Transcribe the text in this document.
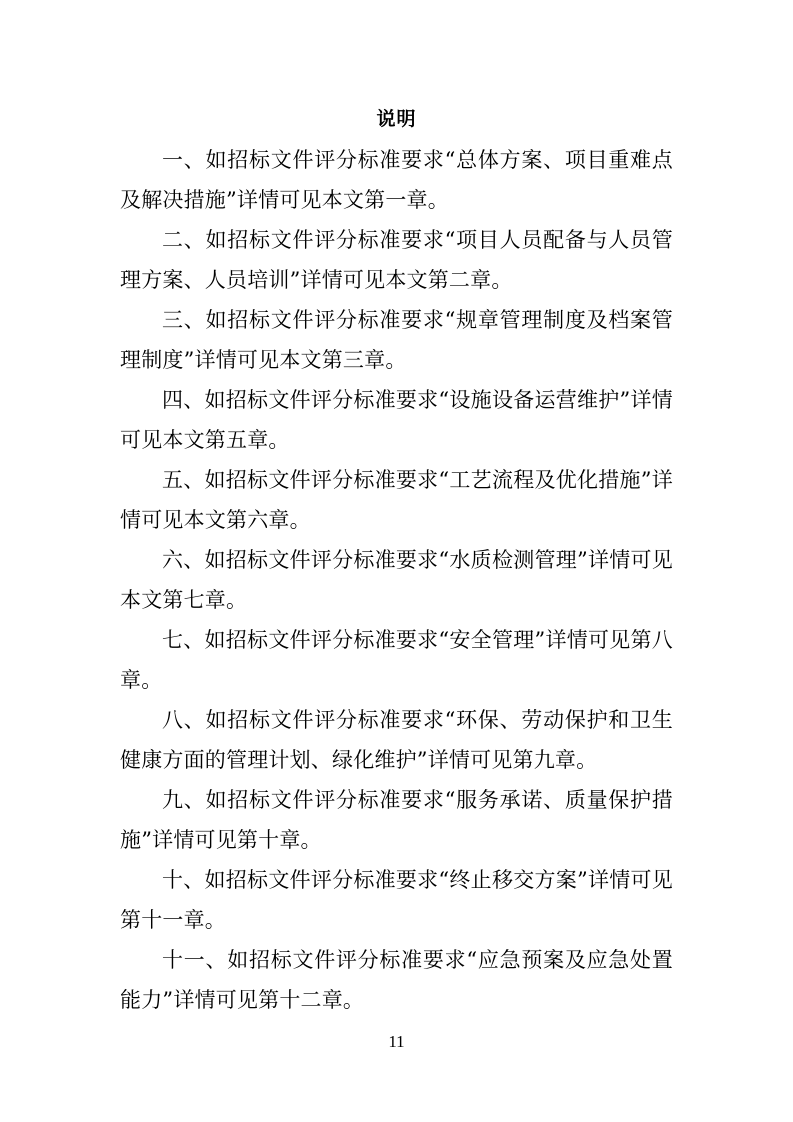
说明

一、如招标文件评分标准要求“总体方案、项目重难点及解决措施”详情可见本文第一章。

二、如招标文件评分标准要求“项目人员配备与人员管理方案、人员培训”详情可见本文第二章。

三、如招标文件评分标准要求“规章管理制度及档案管理制度”详情可见本文第三章。

四、如招标文件评分标准要求“设施设备运营维护”详情可见本文第五章。

五、如招标文件评分标准要求“工艺流程及优化措施”详情可见本文第六章。

六、如招标文件评分标准要求“水质检测管理”详情可见本文第七章。

七、如招标文件评分标准要求“安全管理”详情可见第八章。

八、如招标文件评分标准要求“环保、劳动保护和卫生健康方面的管理计划、绿化维护”详情可见第九章。

九、如招标文件评分标准要求“服务承诺、质量保护措施”详情可见第十章。

十、如招标文件评分标准要求“终止移交方案”详情可见第十一章。

十一、如招标文件评分标准要求“应急预案及应急处置能力”详情可见第十二章。

11
